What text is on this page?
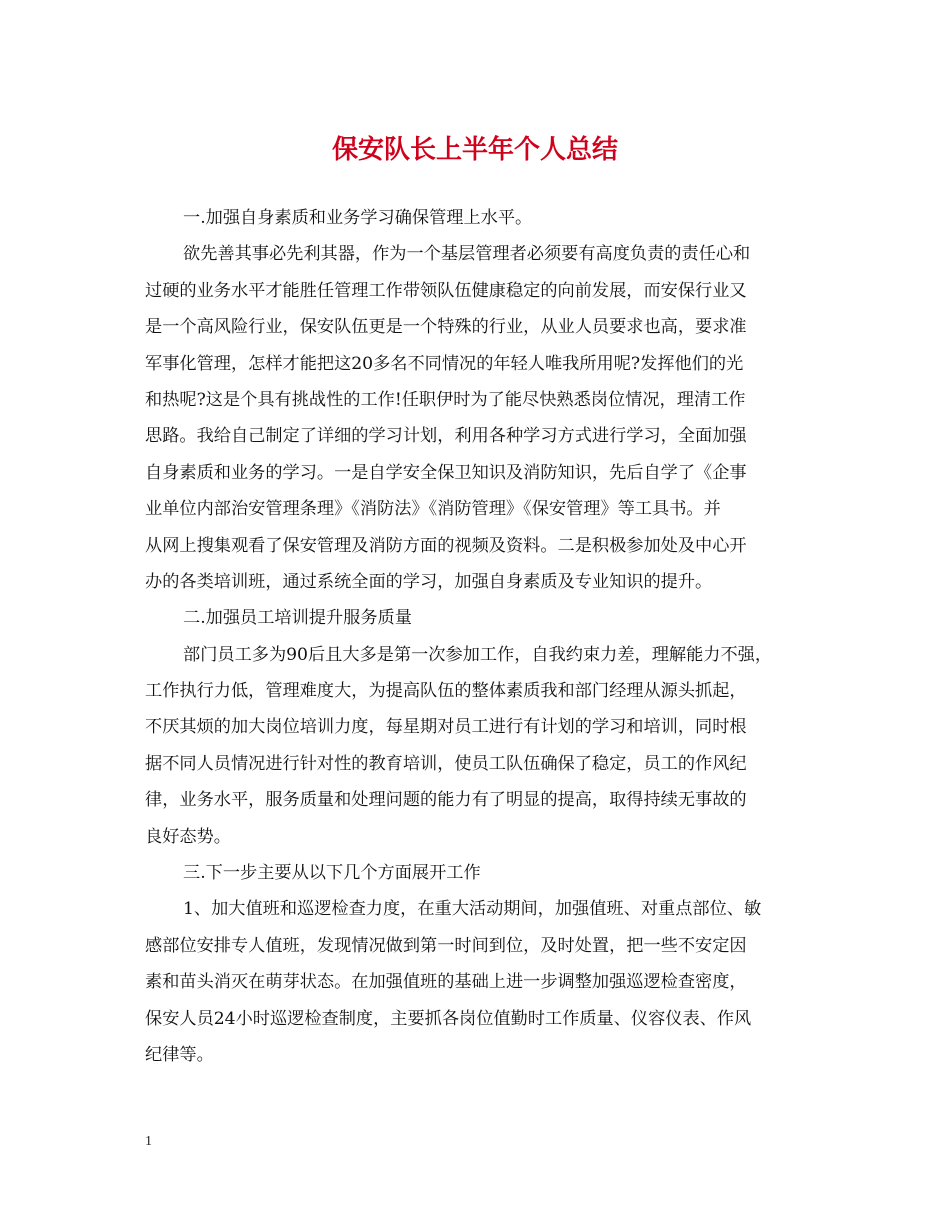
保安队长上半年个人总结
一.加强自身素质和业务学习确保管理上水平。
欲先善其事必先利其器，作为一个基层管理者必须要有高度负责的责任心和
过硬的业务水平才能胜任管理工作带领队伍健康稳定的向前发展，而安保行业又
是一个高风险行业，保安队伍更是一个特殊的行业，从业人员要求也高，要求准
军事化管理，怎样才能把这20多名不同情况的年轻人唯我所用呢?发挥他们的光
和热呢?这是个具有挑战性的工作!任职伊时为了能尽快熟悉岗位情况，理清工作
思路。我给自己制定了详细的学习计划，利用各种学习方式进行学习，全面加强
自身素质和业务的学习。一是自学安全保卫知识及消防知识，先后自学了《企事
业单位内部治安管理条理》《消防法》《消防管理》《保安管理》等工具书。并
从网上搜集观看了保安管理及消防方面的视频及资料。二是积极参加处及中心开
办的各类培训班，通过系统全面的学习，加强自身素质及专业知识的提升。
二.加强员工培训提升服务质量
部门员工多为90后且大多是第一次参加工作，自我约束力差，理解能力不强，
工作执行力低，管理难度大，为提高队伍的整体素质我和部门经理从源头抓起，
不厌其烦的加大岗位培训力度，每星期对员工进行有计划的学习和培训，同时根
据不同人员情况进行针对性的教育培训，使员工队伍确保了稳定，员工的作风纪
律，业务水平，服务质量和处理问题的能力有了明显的提高，取得持续无事故的
良好态势。
三.下一步主要从以下几个方面展开工作
1、加大值班和巡逻检查力度，在重大活动期间，加强值班、对重点部位、敏
感部位安排专人值班，发现情况做到第一时间到位，及时处置，把一些不安定因
素和苗头消灭在萌芽状态。在加强值班的基础上进一步调整加强巡逻检查密度，
保安人员24小时巡逻检查制度，主要抓各岗位值勤时工作质量、仪容仪表、作风
纪律等。
1
